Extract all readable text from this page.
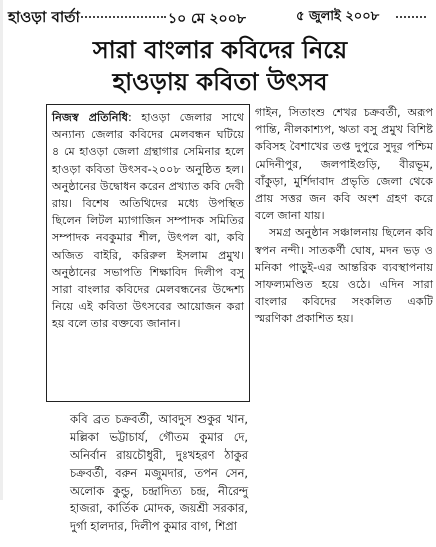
হাওড়া বার্তা	১০ মে ২০০৮	৫ জুলাই ২০০৮
সারা বাংলার কবিদের নিয়ে
হাওড়ায় কবিতা উৎসব

নিজস্ব প্রতিনিধি: হাওড়া জেলার সাথে অন্যান্য জেলার কবিদের মেলবন্ধন ঘটিয়ে ৪ মে হাওড়া জেলা গ্রন্থাগার সেমিনার হলে হাওড়া কবিতা উৎসব-২০০৮ অনুষ্ঠিত হল। অনুষ্ঠানের উদ্বোধন করেন প্রখ্যাত কবি দেবী রায়। বিশেষ অতিথিদের মধ্যে উপস্থিত ছিলেন লিটল ম্যাগাজিন সম্পাদক সমিতির সম্পাদক নবকুমার শীল, উৎপল ঝা, কবি অজিত বাইরি, করিরুল ইসলাম প্রমুখ। অনুষ্ঠানের সভাপতি শিক্ষাবিদ দিলীপ বসু সারা বাংলার কবিদের মেলবন্ধনের উদ্দেশ্য নিয়ে এই কবিতা উৎসবের আয়োজন করা হয় বলে তার বক্তব্যে জানান।

কবি ব্রত চক্রবর্তী, আবদুস শুকুর খান, মল্লিকা ভট্টাচার্য, গৌতম কুমার দে, অনির্বান রায়চৌধুরী, দুঃখহরণ ঠাকুর চক্রবর্তী, বরুন মজুমদার, তপন সেন, অলোক কুন্ডু, চন্দ্রাদিত্য চন্দ্র, নীরেন্দু হাজরা, কার্তিক মোদক, জয়শ্রী সরকার, দুর্গা হালদার, দিলীপ কুমার বাগ, শিপ্রা

গাইন, সিতাংশু শেখর চক্রবর্তী, অরূপ পান্তি, নীলকাশ্যপ, ঋতা বসু প্রমুখ বিশিষ্ট কবিসহ বৈশাখের তপ্ত দুপুরে সুদূর পশ্চিম মেদিনীপুর, জলপাইগুড়ি, বীরভূম, বাঁকুড়া, মুর্শিদাবাদ প্রভৃতি জেলা থেকে প্রায় সত্তর জন কবি অংশ গ্রহণ করে বলে জানা যায়।

সমগ্র অনুষ্ঠান সঞ্চালনায় ছিলেন কবি স্বপন নন্দী। সাতকর্ণী ঘোষ, মদন ভড় ও মনিকা পাড়ুই-এর আন্তরিক ব্যবস্থাপনায় সাফল্যমণ্ডিত হয়ে ওঠে। এদিন সারা বাংলার কবিদের সংকলিত একটি স্মরণিকা প্রকাশিত হয়।
